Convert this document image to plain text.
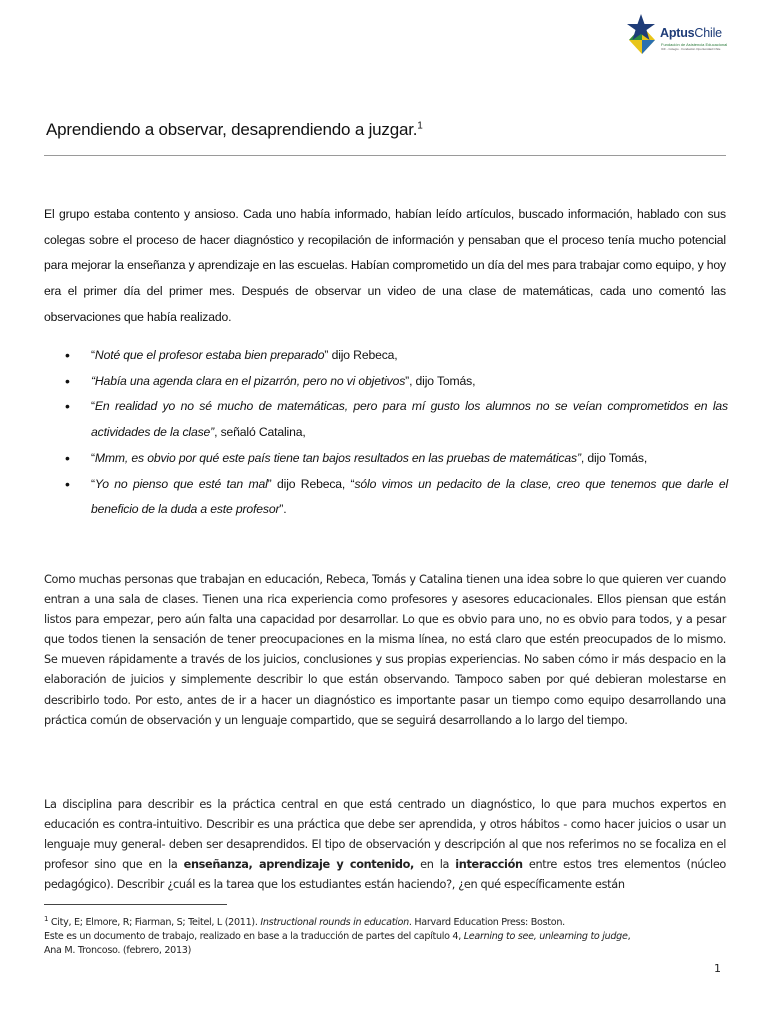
AptusChile
Fundación de Asistencia Educacional
ICF - Colegio · Fundación Oportunidad Chile
Aprendiendo a observar, desaprendiendo a juzgar.$^1$

El grupo estaba contento y ansioso. Cada uno había informado, habían leído artículos, buscado información, hablado con sus colegas sobre el proceso de hacer diagnóstico y recopilación de información y pensaban que el proceso tenía mucho potencial para mejorar la enseñanza y aprendizaje en las escuelas. Habían comprometido un día del mes para trabajar como equipo, y hoy era el primer día del primer mes. Después de observar un video de una clase de matemáticas, cada uno comentó las observaciones que había realizado.

• “Noté que el profesor estaba bien preparado” dijo Rebeca,
• “Había una agenda clara en el pizarrón, pero no vi objetivos”, dijo Tomás,
• “En realidad yo no sé mucho de matemáticas, pero para mí gusto los alumnos no se veían comprometidos en las actividades de la clase”, señaló Catalina,
• “Mmm, es obvio por qué este país tiene tan bajos resultados en las pruebas de matemáticas”, dijo Tomás,
• “Yo no pienso que esté tan mal” dijo Rebeca, “sólo vimos un pedacito de la clase, creo que tenemos que darle el beneficio de la duda a este profesor”.

Como muchas personas que trabajan en educación, Rebeca, Tomás y Catalina tienen una idea sobre lo que quieren ver cuando entran a una sala de clases. Tienen una rica experiencia como profesores y asesores educacionales. Ellos piensan que están listos para empezar, pero aún falta una capacidad por desarrollar. Lo que es obvio para uno, no es obvio para todos, y a pesar que todos tienen la sensación de tener preocupaciones en la misma línea, no está claro que estén preocupados de lo mismo. Se mueven rápidamente a través de los juicios, conclusiones y sus propias experiencias. No saben cómo ir más despacio en la elaboración de juicios y simplemente describir lo que están observando. Tampoco saben por qué debieran molestarse en describirlo todo. Por esto, antes de ir a hacer un diagnóstico es importante pasar un tiempo como equipo desarrollando una práctica común de observación y un lenguaje compartido, que se seguirá desarrollando a lo largo del tiempo.

La disciplina para describir es la práctica central en que está centrado un diagnóstico, lo que para muchos expertos en educación es contra-intuitivo. Describir es una práctica que debe ser aprendida, y otros hábitos - como hacer juicios o usar un lenguaje muy general- deben ser desaprendidos. El tipo de observación y descripción al que nos referimos no se focaliza en el profesor sino que en la enseñanza, aprendizaje y contenido, en la interacción entre estos tres elementos (núcleo pedagógico). Describir ¿cuál es la tarea que los estudiantes están haciendo?, ¿en qué específicamente están

$^1$ City, E; Elmore, R; Fiarman, S; Teitel, L (2011). Instructional rounds in education. Harvard Education Press: Boston.
Este es un documento de trabajo, realizado en base a la traducción de partes del capítulo 4, Learning to see, unlearning to judge,
Ana M. Troncoso. (febrero, 2013)

1
